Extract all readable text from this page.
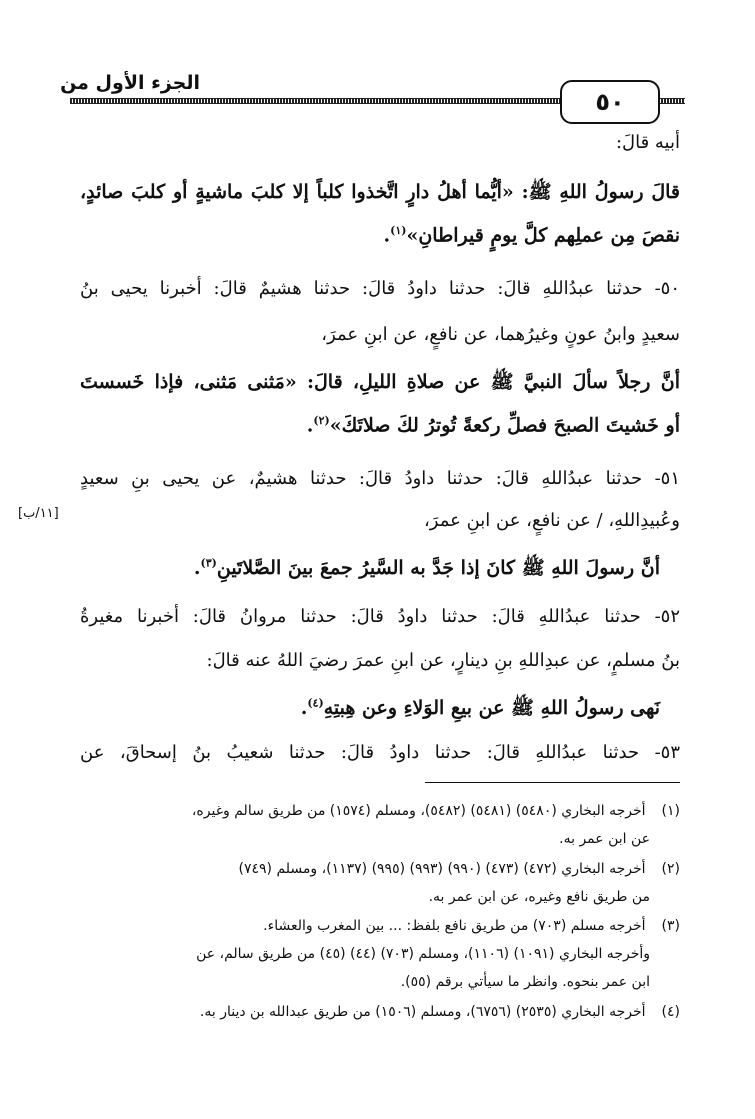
الجزء الأول من
٥٠
[١١/ب]
أبيه قالَ:
قالَ رسولُ اللهِ ﷺ: «أيُّما أهلُ دارٍ اتَّخذوا كلباً إلا كلبَ ماشيةٍ أو كلبَ صائدٍ،
نقصَ مِن عملِهم كلَّ يومٍ قيراطانِ»$^{(١)}$.
٥٠- حدثنا عبدُاللهِ قالَ: حدثنا داودُ قالَ: حدثنا هشيمٌ قالَ: أخبرنا يحيى بنُ
سعيدٍ وابنُ عونٍ وغيرُهما، عن نافعٍ، عن ابنِ عمرَ،
أنَّ رجلاً سألَ النبيَّ ﷺ عن صلاةِ الليلِ، قالَ: «مَثنى مَثنى، فإذا خَسستَ
أو خَشيتَ الصبحَ فصلِّ ركعةً تُوترُ لكَ صلاتَكَ»$^{(٢)}$.
٥١- حدثنا عبدُاللهِ قالَ: حدثنا داودُ قالَ: حدثنا هشيمٌ، عن يحيى بنِ سعيدٍ
وعُبيدِاللهِ، / عن نافعٍ، عن ابنِ عمرَ،
أنَّ رسولَ اللهِ ﷺ كانَ إذا جَدَّ به السَّيرُ جمعَ بينَ الصَّلاتَينِ$^{(٣)}$.
٥٢- حدثنا عبدُاللهِ قالَ: حدثنا داودُ قالَ: حدثنا مروانُ قالَ: أخبرنا مغيرةُ
بنُ مسلمٍ، عن عبدِاللهِ بنِ دينارٍ، عن ابنِ عمرَ رضيَ اللهُ عنه قالَ:
نَهى رسولُ اللهِ ﷺ عن بيعِ الوَلاءِ وعن هِبتِهِ$^{(٤)}$.
٥٣- حدثنا عبدُاللهِ قالَ: حدثنا داودُ قالَ: حدثنا شعيبُ بنُ إسحاقَ، عن
(١) أخرجه البخاري (٥٤٨٠) (٥٤٨١) (٥٤٨٢)، ومسلم (١٥٧٤) من طريق سالم وغيره،
عن ابن عمر به.
(٢) أخرجه البخاري (٤٧٢) (٤٧٣) (٩٩٠) (٩٩٣) (٩٩٥) (١١٣٧)، ومسلم (٧٤٩)
من طريق نافع وغيره، عن ابن عمر به.
(٣) أخرجه مسلم (٧٠٣) من طريق نافع بلفظ: ... بين المغرب والعشاء.
وأخرجه البخاري (١٠٩١) (١١٠٦)، ومسلم (٧٠٣) (٤٤) (٤٥) من طريق سالم، عن
ابن عمر بنحوه. وانظر ما سيأتي برقم (٥٥).
(٤) أخرجه البخاري (٢٥٣٥) (٦٧٥٦)، ومسلم (١٥٠٦) من طريق عبدالله بن دينار به.
